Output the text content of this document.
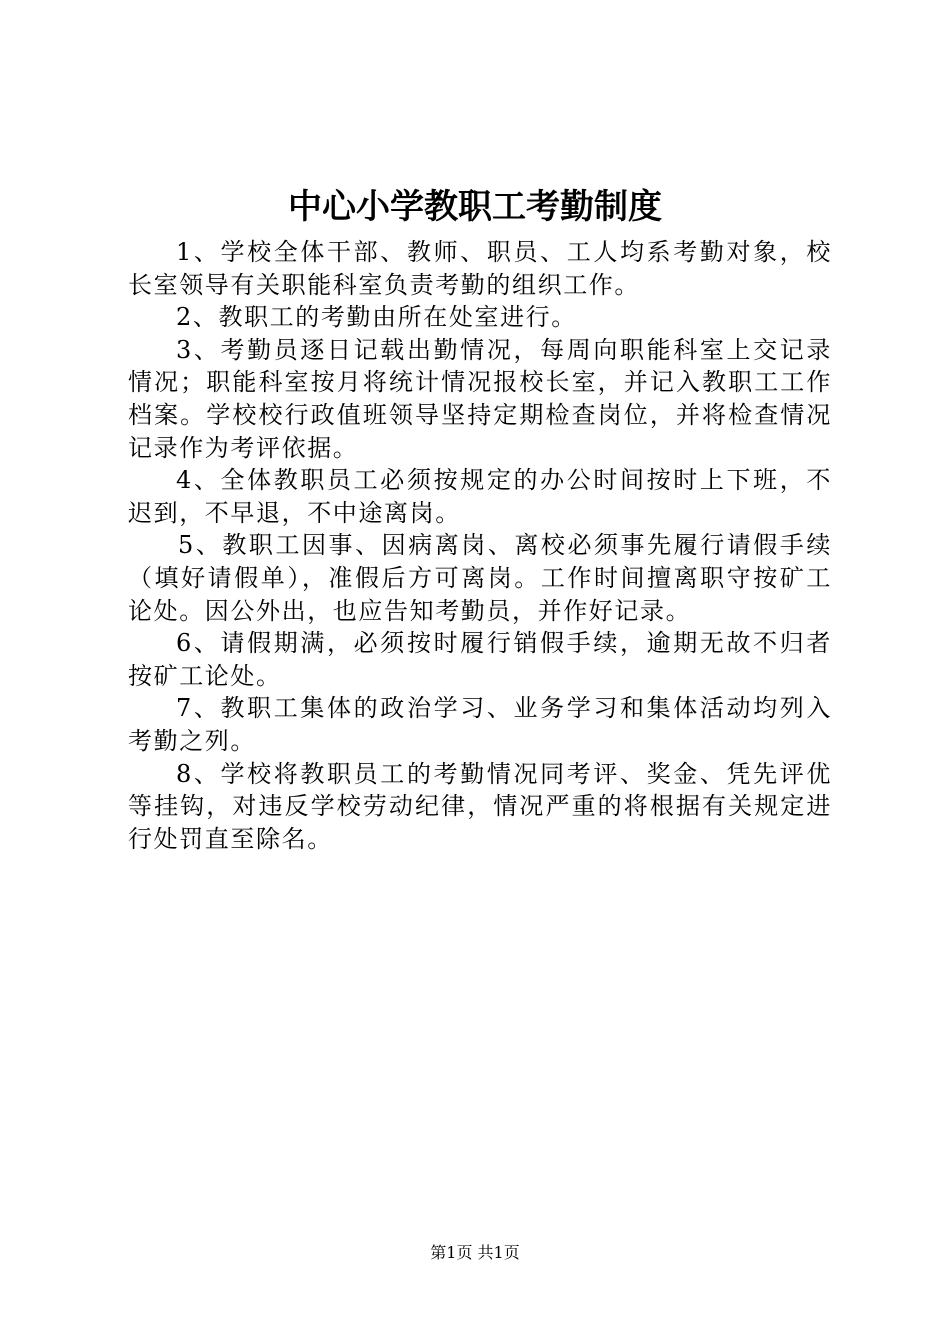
中心小学教职工考勤制度

1、学校全体干部、教师、职员、工人均系考勤对象，校长室领导有关职能科室负责考勤的组织工作。

2、教职工的考勤由所在处室进行。

3、考勤员逐日记载出勤情况，每周向职能科室上交记录情况；职能科室按月将统计情况报校长室，并记入教职工工作档案。学校校行政值班领导坚持定期检查岗位，并将检查情况记录作为考评依据。

4、全体教职员工必须按规定的办公时间按时上下班，不迟到，不早退，不中途离岗。

5、教职工因事、因病离岗、离校必须事先履行请假手续（填好请假单），准假后方可离岗。工作时间擅离职守按矿工论处。因公外出，也应告知考勤员，并作好记录。

6、请假期满，必须按时履行销假手续，逾期无故不归者按矿工论处。

7、教职工集体的政治学习、业务学习和集体活动均列入考勤之列。

8、学校将教职员工的考勤情况同考评、奖金、凭先评优等挂钩，对违反学校劳动纪律，情况严重的将根据有关规定进行处罚直至除名。

第1页 共1页
